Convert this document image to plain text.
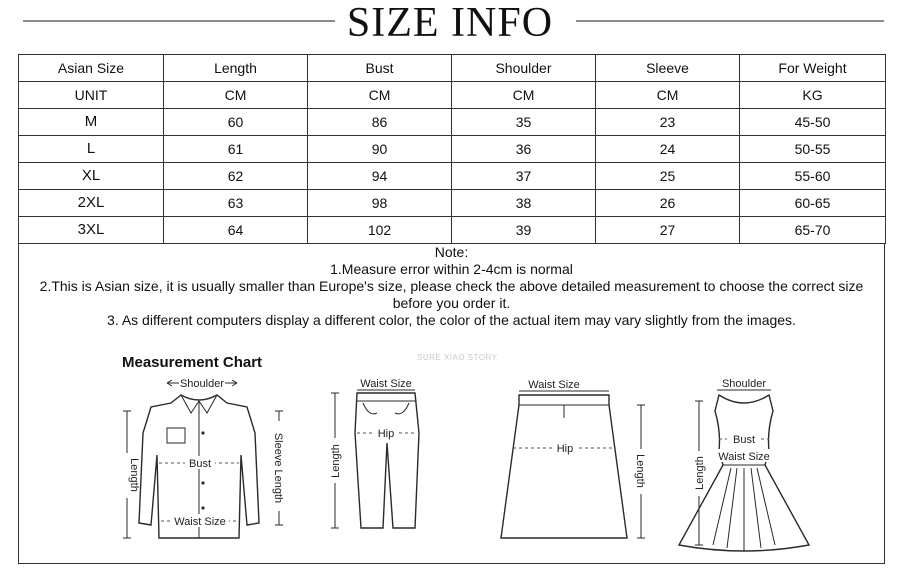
SIZE INFO
Asian Size	Length	Bust	Shoulder	Sleeve	For Weight
UNIT	CM	CM	CM	CM	KG
M	60	86	35	23	45-50
L	61	90	36	24	50-55
XL	62	94	37	25	55-60
2XL	63	98	38	26	60-65
3XL	64	102	39	27	65-70
Note:
1.Measure error within 2-4cm is normal
2.This is Asian size, it is usually smaller than Europe's size, please check the above detailed measurement to choose the correct size
before you order it.
3. As different computers display a different color, the color of the actual item may vary slightly from the images.
Measurement Chart	SURE XIAO STORY
Shoulder
Bust
Waist Size
Length	Sleeve Length
Waist Size
Hip
Length
Waist Size
Hip
Length
Shoulder
Bust
Waist Size
Length
